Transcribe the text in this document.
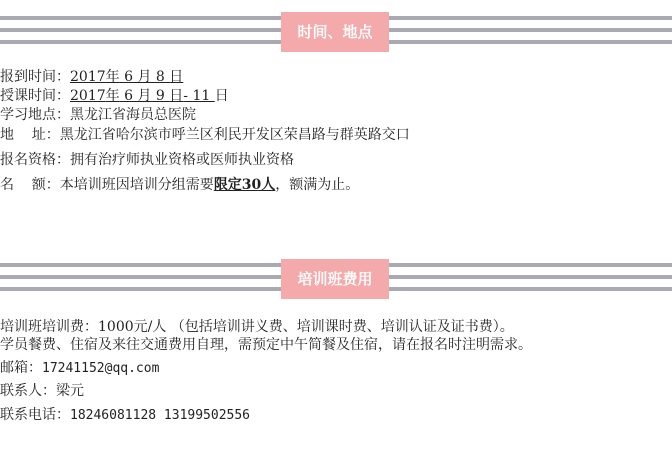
时间、地点
报到时间：2017年 6 月 8 日
授课时间：2017年 6 月 9 日- 11 日
学习地点：黑龙江省海员总医院
地    址：黑龙江省哈尔滨市呼兰区利民开发区荣昌路与群英路交口
报名资格：拥有治疗师执业资格或医师执业资格
名    额：本培训班因培训分组需要限定30人，额满为止。
培训班费用
培训班培训费：1000元/人 （包括培训讲义费、培训课时费、培训认证及证书费）。
学员餐费、住宿及来往交通费用自理，需预定中午简餐及住宿，请在报名时注明需求。
邮箱：17241152@qq.com
联系人：梁元
联系电话：18246081128 13199502556
